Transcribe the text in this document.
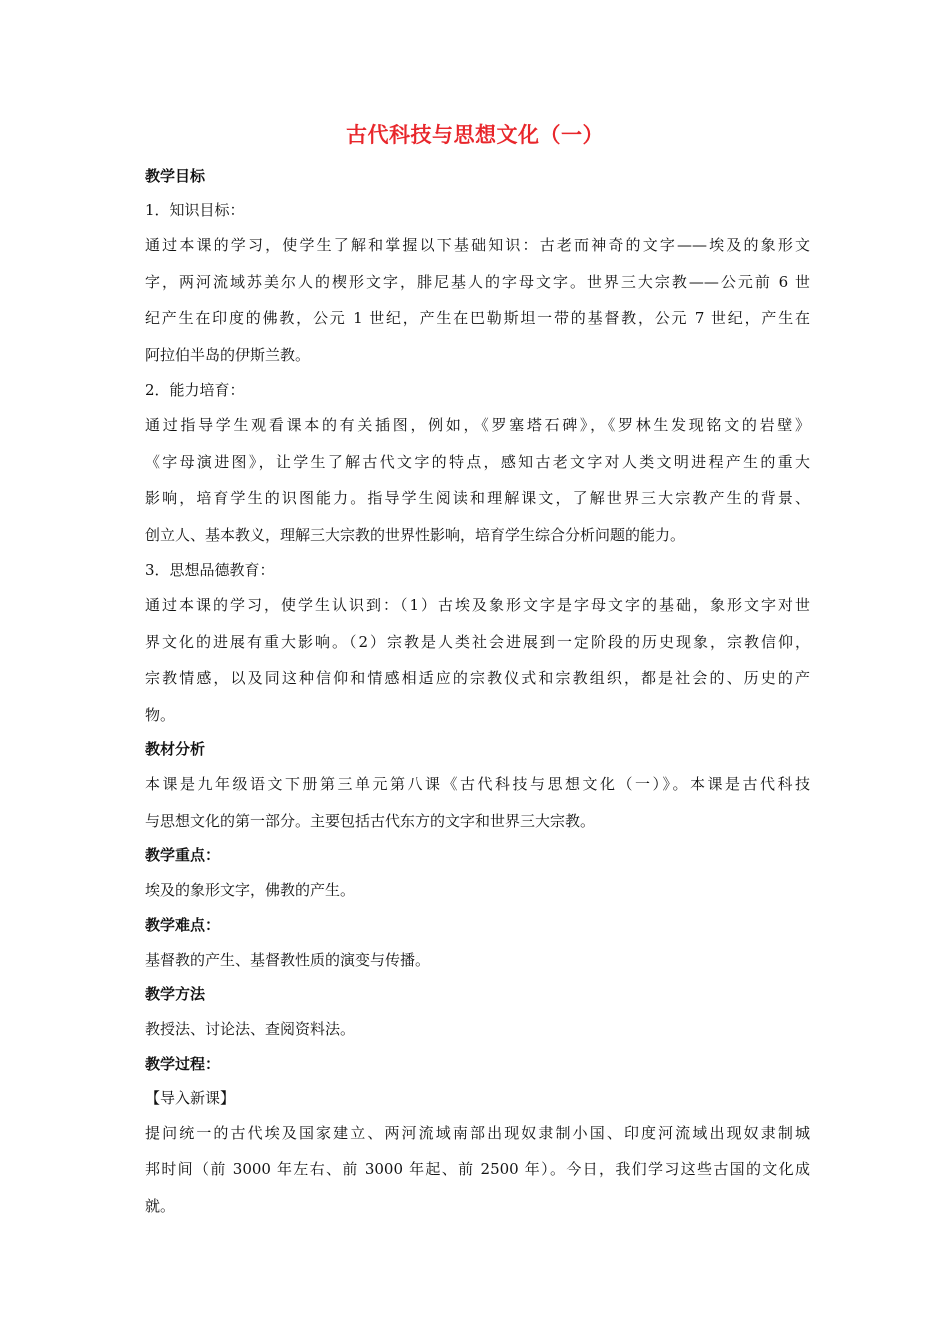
古代科技与思想文化（一）
教学目标
1．知识目标：
通过本课的学习，使学生了解和掌握以下基础知识：古老而神奇的文字——埃及的象形文
字，两河流域苏美尔人的楔形文字，腓尼基人的字母文字。世界三大宗教——公元前 6 世
纪产生在印度的佛教，公元 1 世纪，产生在巴勒斯坦一带的基督教，公元 7 世纪，产生在
阿拉伯半岛的伊斯兰教。
2．能力培育：
通过指导学生观看课本的有关插图，例如，《罗塞塔石碑》，《罗林生发现铭文的岩壁》
《字母演进图》，让学生了解古代文字的特点，感知古老文字对人类文明进程产生的重大
影响，培育学生的识图能力。指导学生阅读和理解课文，了解世界三大宗教产生的背景、
创立人、基本教义，理解三大宗教的世界性影响，培育学生综合分析问题的能力。
3．思想品德教育：
通过本课的学习，使学生认识到：（1）古埃及象形文字是字母文字的基础，象形文字对世
界文化的进展有重大影响。（2）宗教是人类社会进展到一定阶段的历史现象，宗教信仰，
宗教情感，以及同这种信仰和情感相适应的宗教仪式和宗教组织，都是社会的、历史的产
物。
教材分析
本课是九年级语文下册第三单元第八课《古代科技与思想文化（一）》。本课是古代科技
与思想文化的第一部分。主要包括古代东方的文字和世界三大宗教。
教学重点：
埃及的象形文字，佛教的产生。
教学难点：
基督教的产生、基督教性质的演变与传播。
教学方法
教授法、讨论法、查阅资料法。
教学过程：
【导入新课】
提问统一的古代埃及国家建立、两河流域南部出现奴隶制小国、印度河流域出现奴隶制城
邦时间（前 3000 年左右、前 3000 年起、前 2500 年）。今日，我们学习这些古国的文化成
就。
